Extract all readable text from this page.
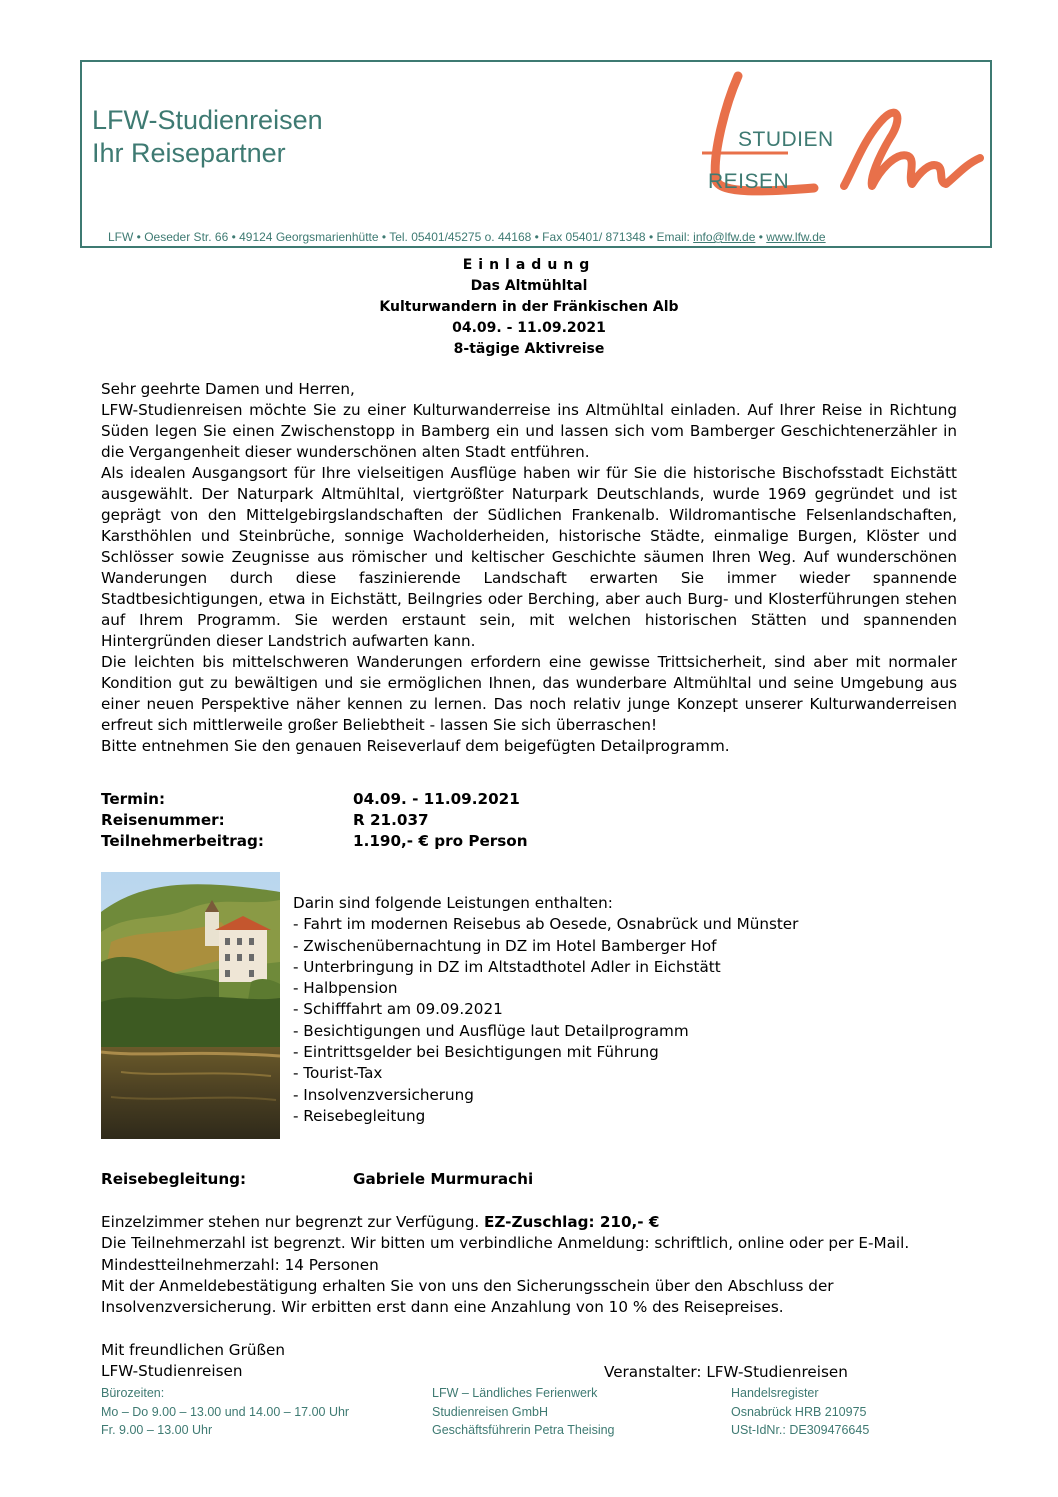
LFW-Studienreisen
Ihr Reisepartner	STUDIEN
REISEN
LFW • Oeseder Str. 66 • 49124 Georgsmarienhütte • Tel. 05401/45275 o. 44168 • Fax 05401/ 871348 • Email: info@lfw.de • www.lfw.de
Einladung
Das Altmühltal
Kulturwandern in der Fränkischen Alb
04.09. - 11.09.2021
8-tägige Aktivreise

Sehr geehrte Damen und Herren,

LFW-Studienreisen möchte Sie zu einer Kulturwanderreise ins Altmühltal einladen. Auf Ihrer Reise in Richtung Süden legen Sie einen Zwischenstopp in Bamberg ein und lassen sich vom Bamberger Geschichtenerzähler in die Vergangenheit dieser wunderschönen alten Stadt entführen.

Als idealen Ausgangsort für Ihre vielseitigen Ausflüge haben wir für Sie die historische Bischofsstadt Eichstätt ausgewählt. Der Naturpark Altmühltal, viertgrößter Naturpark Deutschlands, wurde 1969 gegründet und ist geprägt von den Mittelgebirgslandschaften der Südlichen Frankenalb. Wildromantische Felsenlandschaften, Karsthöhlen und Steinbrüche, sonnige Wacholderheiden, historische Städte, einmalige Burgen, Klöster und Schlösser sowie Zeugnisse aus römischer und keltischer Geschichte säumen Ihren Weg. Auf wunderschönen Wanderungen durch diese faszinierende Landschaft erwarten Sie immer wieder spannende Stadtbesichtigungen, etwa in Eichstätt, Beilngries oder Berching, aber auch Burg- und Klosterführungen stehen auf Ihrem Programm. Sie werden erstaunt sein, mit welchen historischen Stätten und spannenden Hintergründen dieser Landstrich aufwarten kann.

Die leichten bis mittelschweren Wanderungen erfordern eine gewisse Trittsicherheit, sind aber mit normaler Kondition gut zu bewältigen und sie ermöglichen Ihnen, das wunderbare Altmühltal und seine Umgebung aus einer neuen Perspektive näher kennen zu lernen. Das noch relativ junge Konzept unserer Kulturwanderreisen erfreut sich mittlerweile großer Beliebtheit - lassen Sie sich überraschen!

Bitte entnehmen Sie den genauen Reiseverlauf dem beigefügten Detailprogramm.

Termin:	04.09. - 11.09.2021
Reisenummer:	R 21.037
Teilnehmerbeitrag:	1.190,- € pro Person
Darin sind folgende Leistungen enthalten:
- Fahrt im modernen Reisebus ab Oesede, Osnabrück und Münster
- Zwischenübernachtung in DZ im Hotel Bamberger Hof
- Unterbringung in DZ im Altstadthotel Adler in Eichstätt
- Halbpension
- Schifffahrt am 09.09.2021
- Besichtigungen und Ausflüge laut Detailprogramm
- Eintrittsgelder bei Besichtigungen mit Führung
- Tourist-Tax
- Insolvenzversicherung
- Reisebegleitung
Reisebegleitung:	Gabriele Murmurachi
Einzelzimmer stehen nur begrenzt zur Verfügung. EZ-Zuschlag: 210,- €
Die Teilnehmerzahl ist begrenzt. Wir bitten um verbindliche Anmeldung: schriftlich, online oder per E-Mail.
Mindestteilnehmerzahl: 14 Personen
Mit der Anmeldebestätigung erhalten Sie von uns den Sicherungsschein über den Abschluss der
Insolvenzversicherung. Wir erbitten erst dann eine Anzahlung von 10 % des Reisepreises.
Mit freundlichen Grüßen
LFW-Studienreisen	Veranstalter: LFW-Studienreisen
Bürozeiten:
Mo – Do 9.00 – 13.00 und 14.00 – 17.00 Uhr
Fr. 9.00 – 13.00 Uhr
LFW – Ländliches Ferienwerk
Studienreisen GmbH
Geschäftsführerin Petra Theising
Handelsregister
Osnabrück HRB 210975
USt-IdNr.: DE309476645
